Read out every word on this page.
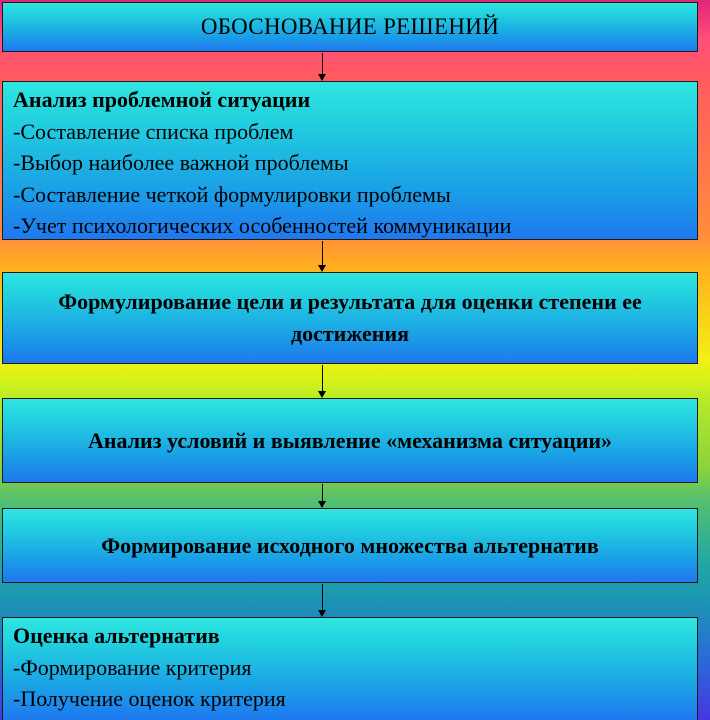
ОБОСНОВАНИЕ РЕШЕНИЙ
Анализ проблемной ситуации
-Составление списка проблем
-Выбор наиболее важной проблемы
-Составление четкой формулировки проблемы
-Учет психологических особенностей коммуникации
Формулирование цели и результата для оценки степени ее достижения
Анализ условий и выявление «механизма ситуации»
Формирование исходного множества альтернатив
Оценка альтернатив
-Формирование критерия
-Получение оценок критерия
